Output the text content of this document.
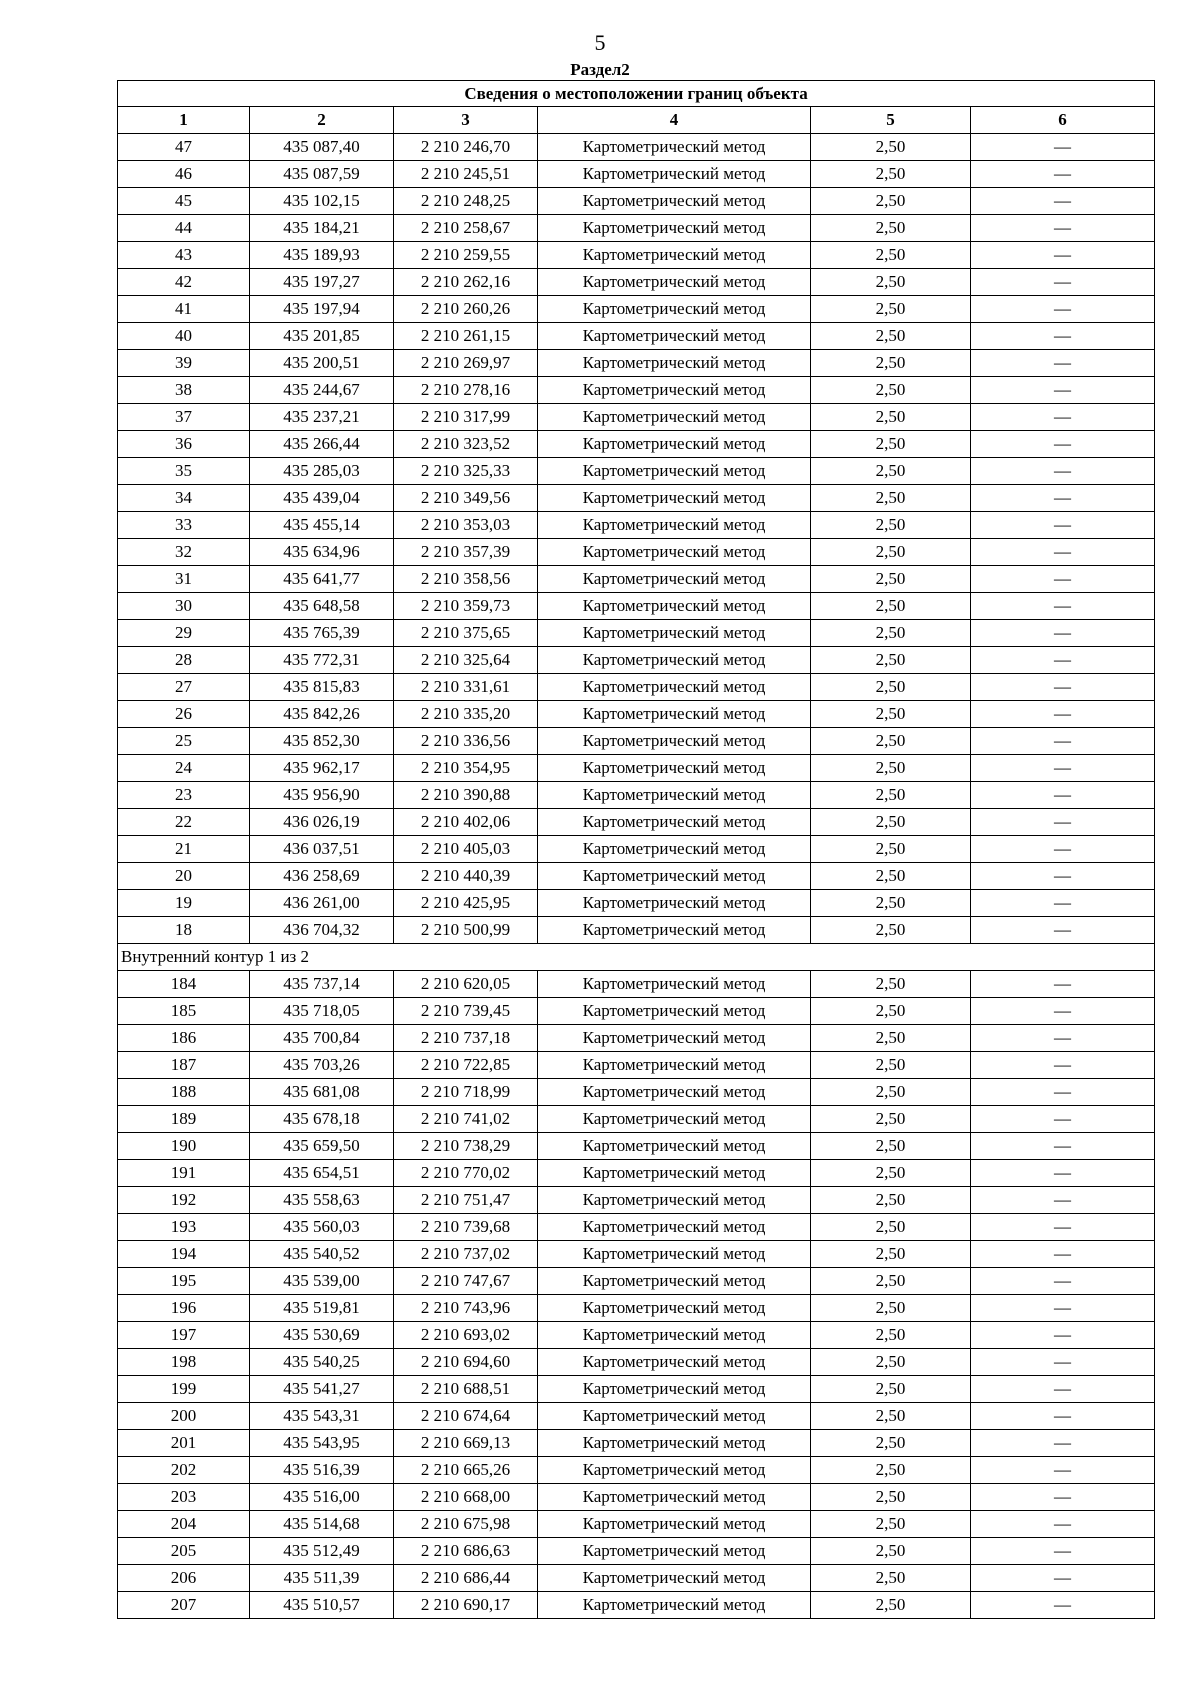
5
Раздел2
Сведения о местоположении границ объекта					
1	2	3	4	5	6
47	435 087,40	2 210 246,70	Картометрический метод	2,50	—
46	435 087,59	2 210 245,51	Картометрический метод	2,50	—
45	435 102,15	2 210 248,25	Картометрический метод	2,50	—
44	435 184,21	2 210 258,67	Картометрический метод	2,50	—
43	435 189,93	2 210 259,55	Картометрический метод	2,50	—
42	435 197,27	2 210 262,16	Картометрический метод	2,50	—
41	435 197,94	2 210 260,26	Картометрический метод	2,50	—
40	435 201,85	2 210 261,15	Картометрический метод	2,50	—
39	435 200,51	2 210 269,97	Картометрический метод	2,50	—
38	435 244,67	2 210 278,16	Картометрический метод	2,50	—
37	435 237,21	2 210 317,99	Картометрический метод	2,50	—
36	435 266,44	2 210 323,52	Картометрический метод	2,50	—
35	435 285,03	2 210 325,33	Картометрический метод	2,50	—
34	435 439,04	2 210 349,56	Картометрический метод	2,50	—
33	435 455,14	2 210 353,03	Картометрический метод	2,50	—
32	435 634,96	2 210 357,39	Картометрический метод	2,50	—
31	435 641,77	2 210 358,56	Картометрический метод	2,50	—
30	435 648,58	2 210 359,73	Картометрический метод	2,50	—
29	435 765,39	2 210 375,65	Картометрический метод	2,50	—
28	435 772,31	2 210 325,64	Картометрический метод	2,50	—
27	435 815,83	2 210 331,61	Картометрический метод	2,50	—
26	435 842,26	2 210 335,20	Картометрический метод	2,50	—
25	435 852,30	2 210 336,56	Картометрический метод	2,50	—
24	435 962,17	2 210 354,95	Картометрический метод	2,50	—
23	435 956,90	2 210 390,88	Картометрический метод	2,50	—
22	436 026,19	2 210 402,06	Картометрический метод	2,50	—
21	436 037,51	2 210 405,03	Картометрический метод	2,50	—
20	436 258,69	2 210 440,39	Картометрический метод	2,50	—
19	436 261,00	2 210 425,95	Картометрический метод	2,50	—
18	436 704,32	2 210 500,99	Картометрический метод	2,50	—
Внутренний контур 1 из 2					
184	435 737,14	2 210 620,05	Картометрический метод	2,50	—
185	435 718,05	2 210 739,45	Картометрический метод	2,50	—
186	435 700,84	2 210 737,18	Картометрический метод	2,50	—
187	435 703,26	2 210 722,85	Картометрический метод	2,50	—
188	435 681,08	2 210 718,99	Картометрический метод	2,50	—
189	435 678,18	2 210 741,02	Картометрический метод	2,50	—
190	435 659,50	2 210 738,29	Картометрический метод	2,50	—
191	435 654,51	2 210 770,02	Картометрический метод	2,50	—
192	435 558,63	2 210 751,47	Картометрический метод	2,50	—
193	435 560,03	2 210 739,68	Картометрический метод	2,50	—
194	435 540,52	2 210 737,02	Картометрический метод	2,50	—
195	435 539,00	2 210 747,67	Картометрический метод	2,50	—
196	435 519,81	2 210 743,96	Картометрический метод	2,50	—
197	435 530,69	2 210 693,02	Картометрический метод	2,50	—
198	435 540,25	2 210 694,60	Картометрический метод	2,50	—
199	435 541,27	2 210 688,51	Картометрический метод	2,50	—
200	435 543,31	2 210 674,64	Картометрический метод	2,50	—
201	435 543,95	2 210 669,13	Картометрический метод	2,50	—
202	435 516,39	2 210 665,26	Картометрический метод	2,50	—
203	435 516,00	2 210 668,00	Картометрический метод	2,50	—
204	435 514,68	2 210 675,98	Картометрический метод	2,50	—
205	435 512,49	2 210 686,63	Картометрический метод	2,50	—
206	435 511,39	2 210 686,44	Картометрический метод	2,50	—
207	435 510,57	2 210 690,17	Картометрический метод	2,50	—
